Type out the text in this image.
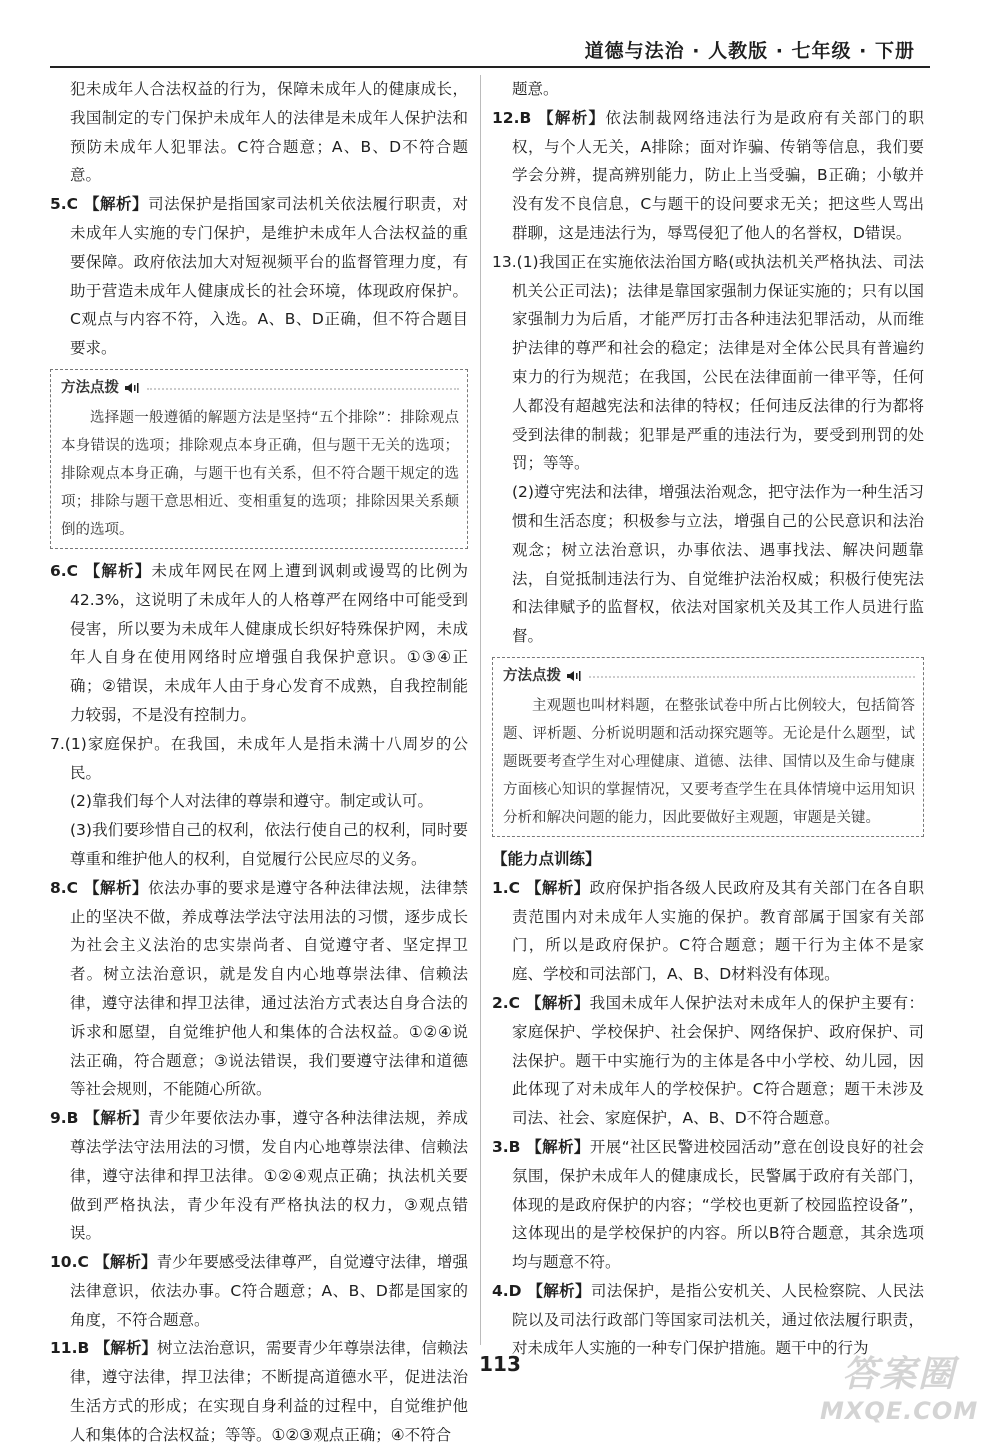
道德与法治 · 人教版 · 七年级 · 下册

犯未成年人合法权益的行为，保障未成年人的健康成长，我国制定的专门保护未成年人的法律是未成年人保护法和预防未成年人犯罪法。C符合题意；A、B、D不符合题意。

5.C 【解析】司法保护是指国家司法机关依法履行职责，对未成年人实施的专门保护，是维护未成年人合法权益的重要保障。政府依法加大对短视频平台的监督管理力度，有助于营造未成年人健康成长的社会环境，体现政府保护。C观点与内容不符，入选。A、B、D正确，但不符合题目要求。

方法点拨

选择题一般遵循的解题方法是坚持“五个排除”：排除观点本身错误的选项；排除观点本身正确，但与题干无关的选项；排除观点本身正确，与题干也有关系，但不符合题干规定的选项；排除与题干意思相近、变相重复的选项；排除因果关系颠倒的选项。

6.C 【解析】未成年网民在网上遭到讽刺或谩骂的比例为42.3%，这说明了未成年人的人格尊严在网络中可能受到侵害，所以要为未成年人健康成长织好特殊保护网，未成年人自身在使用网络时应增强自我保护意识。①③④正确；②错误，未成年人由于身心发育不成熟，自我控制能力较弱，不是没有控制力。

7.(1)家庭保护。在我国，未成年人是指未满十八周岁的公民。

(2)靠我们每个人对法律的尊崇和遵守。制定或认可。

(3)我们要珍惜自己的权利，依法行使自己的权利，同时要尊重和维护他人的权利，自觉履行公民应尽的义务。

8.C 【解析】依法办事的要求是遵守各种法律法规，法律禁止的坚决不做，养成尊法学法守法用法的习惯，逐步成长为社会主义法治的忠实崇尚者、自觉遵守者、坚定捍卫者。树立法治意识，就是发自内心地尊崇法律、信赖法律，遵守法律和捍卫法律，通过法治方式表达自身合法的诉求和愿望，自觉维护他人和集体的合法权益。①②④说法正确，符合题意；③说法错误，我们要遵守法律和道德等社会规则，不能随心所欲。

9.B 【解析】青少年要依法办事，遵守各种法律法规，养成尊法学法守法用法的习惯，发自内心地尊崇法律、信赖法律，遵守法律和捍卫法律。①②④观点正确；执法机关要做到严格执法，青少年没有严格执法的权力，③观点错误。

10.C 【解析】青少年要感受法律尊严，自觉遵守法律，增强法律意识，依法办事。C符合题意；A、B、D都是国家的角度，不符合题意。

11.B 【解析】树立法治意识，需要青少年尊崇法律，信赖法律，遵守法律，捍卫法律；不断提高道德水平，促进法治生活方式的形成；在实现自身利益的过程中，自觉维护他人和集体的合法权益；等等。①②③观点正确；④不符合

题意。

12.B 【解析】依法制裁网络违法行为是政府有关部门的职权，与个人无关，A排除；面对诈骗、传销等信息，我们要学会分辨，提高辨别能力，防止上当受骗，B正确；小敏并没有发不良信息，C与题干的设问要求无关；把这些人骂出群聊，这是违法行为，辱骂侵犯了他人的名誉权，D错误。

13.(1)我国正在实施依法治国方略(或执法机关严格执法、司法机关公正司法)；法律是靠国家强制力保证实施的；只有以国家强制力为后盾，才能严厉打击各种违法犯罪活动，从而维护法律的尊严和社会的稳定；法律是对全体公民具有普遍约束力的行为规范；在我国，公民在法律面前一律平等，任何人都没有超越宪法和法律的特权；任何违反法律的行为都将受到法律的制裁；犯罪是严重的违法行为，要受到刑罚的处罚；等等。

(2)遵守宪法和法律，增强法治观念，把守法作为一种生活习惯和生活态度；积极参与立法，增强自己的公民意识和法治观念；树立法治意识，办事依法、遇事找法、解决问题靠法，自觉抵制违法行为、自觉维护法治权威；积极行使宪法和法律赋予的监督权，依法对国家机关及其工作人员进行监督。

方法点拨

主观题也叫材料题，在整张试卷中所占比例较大，包括简答题、评析题、分析说明题和活动探究题等。无论是什么题型，试题既要考查学生对心理健康、道德、法律、国情以及生命与健康方面核心知识的掌握情况，又要考查学生在具体情境中运用知识分析和解决问题的能力，因此要做好主观题，审题是关键。

【能力点训练】

1.C 【解析】政府保护指各级人民政府及其有关部门在各自职责范围内对未成年人实施的保护。教育部属于国家有关部门，所以是政府保护。C符合题意；题干行为主体不是家庭、学校和司法部门，A、B、D材料没有体现。

2.C 【解析】我国未成年人保护法对未成年人的保护主要有：家庭保护、学校保护、社会保护、网络保护、政府保护、司法保护。题干中实施行为的主体是各中小学校、幼儿园，因此体现了对未成年人的学校保护。C符合题意；题干未涉及司法、社会、家庭保护，A、B、D不符合题意。

3.B 【解析】开展“社区民警进校园活动”意在创设良好的社会氛围，保护未成年人的健康成长，民警属于政府有关部门，体现的是政府保护的内容；“学校也更新了校园监控设备”，这体现出的是学校保护的内容。所以B符合题意，其余选项均与题意不符。

4.D 【解析】司法保护，是指公安机关、人民检察院、人民法院以及司法行政部门等国家司法机关，通过依法履行职责，对未成年人实施的一种专门保护措施。题干中的行为

113	答案圈
MXQE.COM
